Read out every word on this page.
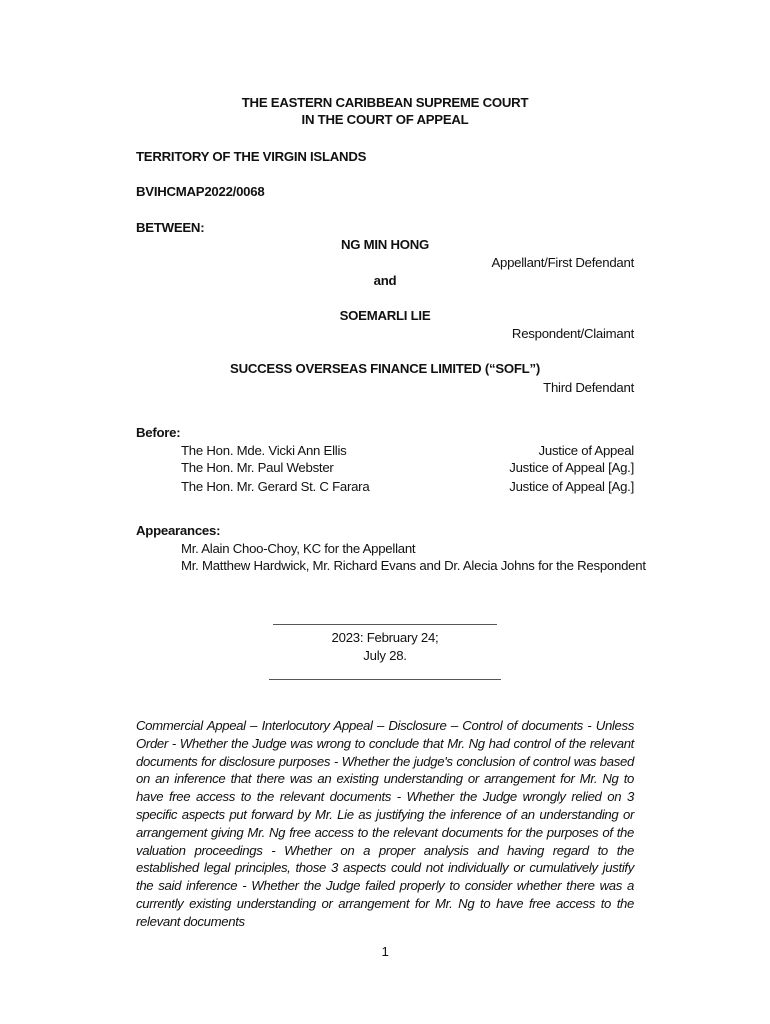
THE EASTERN CARIBBEAN SUPREME COURT
IN THE COURT OF APPEAL
TERRITORY OF THE VIRGIN ISLANDS
BVIHCMAP2022/0068
BETWEEN:
NG MIN HONG
Appellant/First Defendant
and
SOEMARLI LIE
Respondent/Claimant
SUCCESS OVERSEAS FINANCE LIMITED (“SOFL”)
Third Defendant
Before:
The Hon. Mde. Vicki Ann Ellis	Justice of Appeal
The Hon. Mr. Paul Webster	Justice of Appeal [Ag.]
The Hon. Mr. Gerard St. C Farara	Justice of Appeal [Ag.]
Appearances:
Mr. Alain Choo-Choy, KC for the Appellant
Mr. Matthew Hardwick, Mr. Richard Evans and Dr. Alecia Johns for the Respondent
2023: February 24;
July 28.
Commercial Appeal – Interlocutory Appeal – Disclosure – Control of documents - Unless Order - Whether the Judge was wrong to conclude that Mr. Ng had control of the relevant documents for disclosure purposes - Whether the judge's conclusion of control was based on an inference that there was an existing understanding or arrangement for Mr. Ng to have free access to the relevant documents - Whether the Judge wrongly relied on 3 specific aspects put forward by Mr. Lie as justifying the inference of an understanding or arrangement giving Mr. Ng free access to the relevant documents for the purposes of the valuation proceedings - Whether on a proper analysis and having regard to the established legal principles, those 3 aspects could not individually or cumulatively justify the said inference - Whether the Judge failed properly to consider whether there was a currently existing understanding or arrangement for Mr. Ng to have free access to the relevant documents
1
